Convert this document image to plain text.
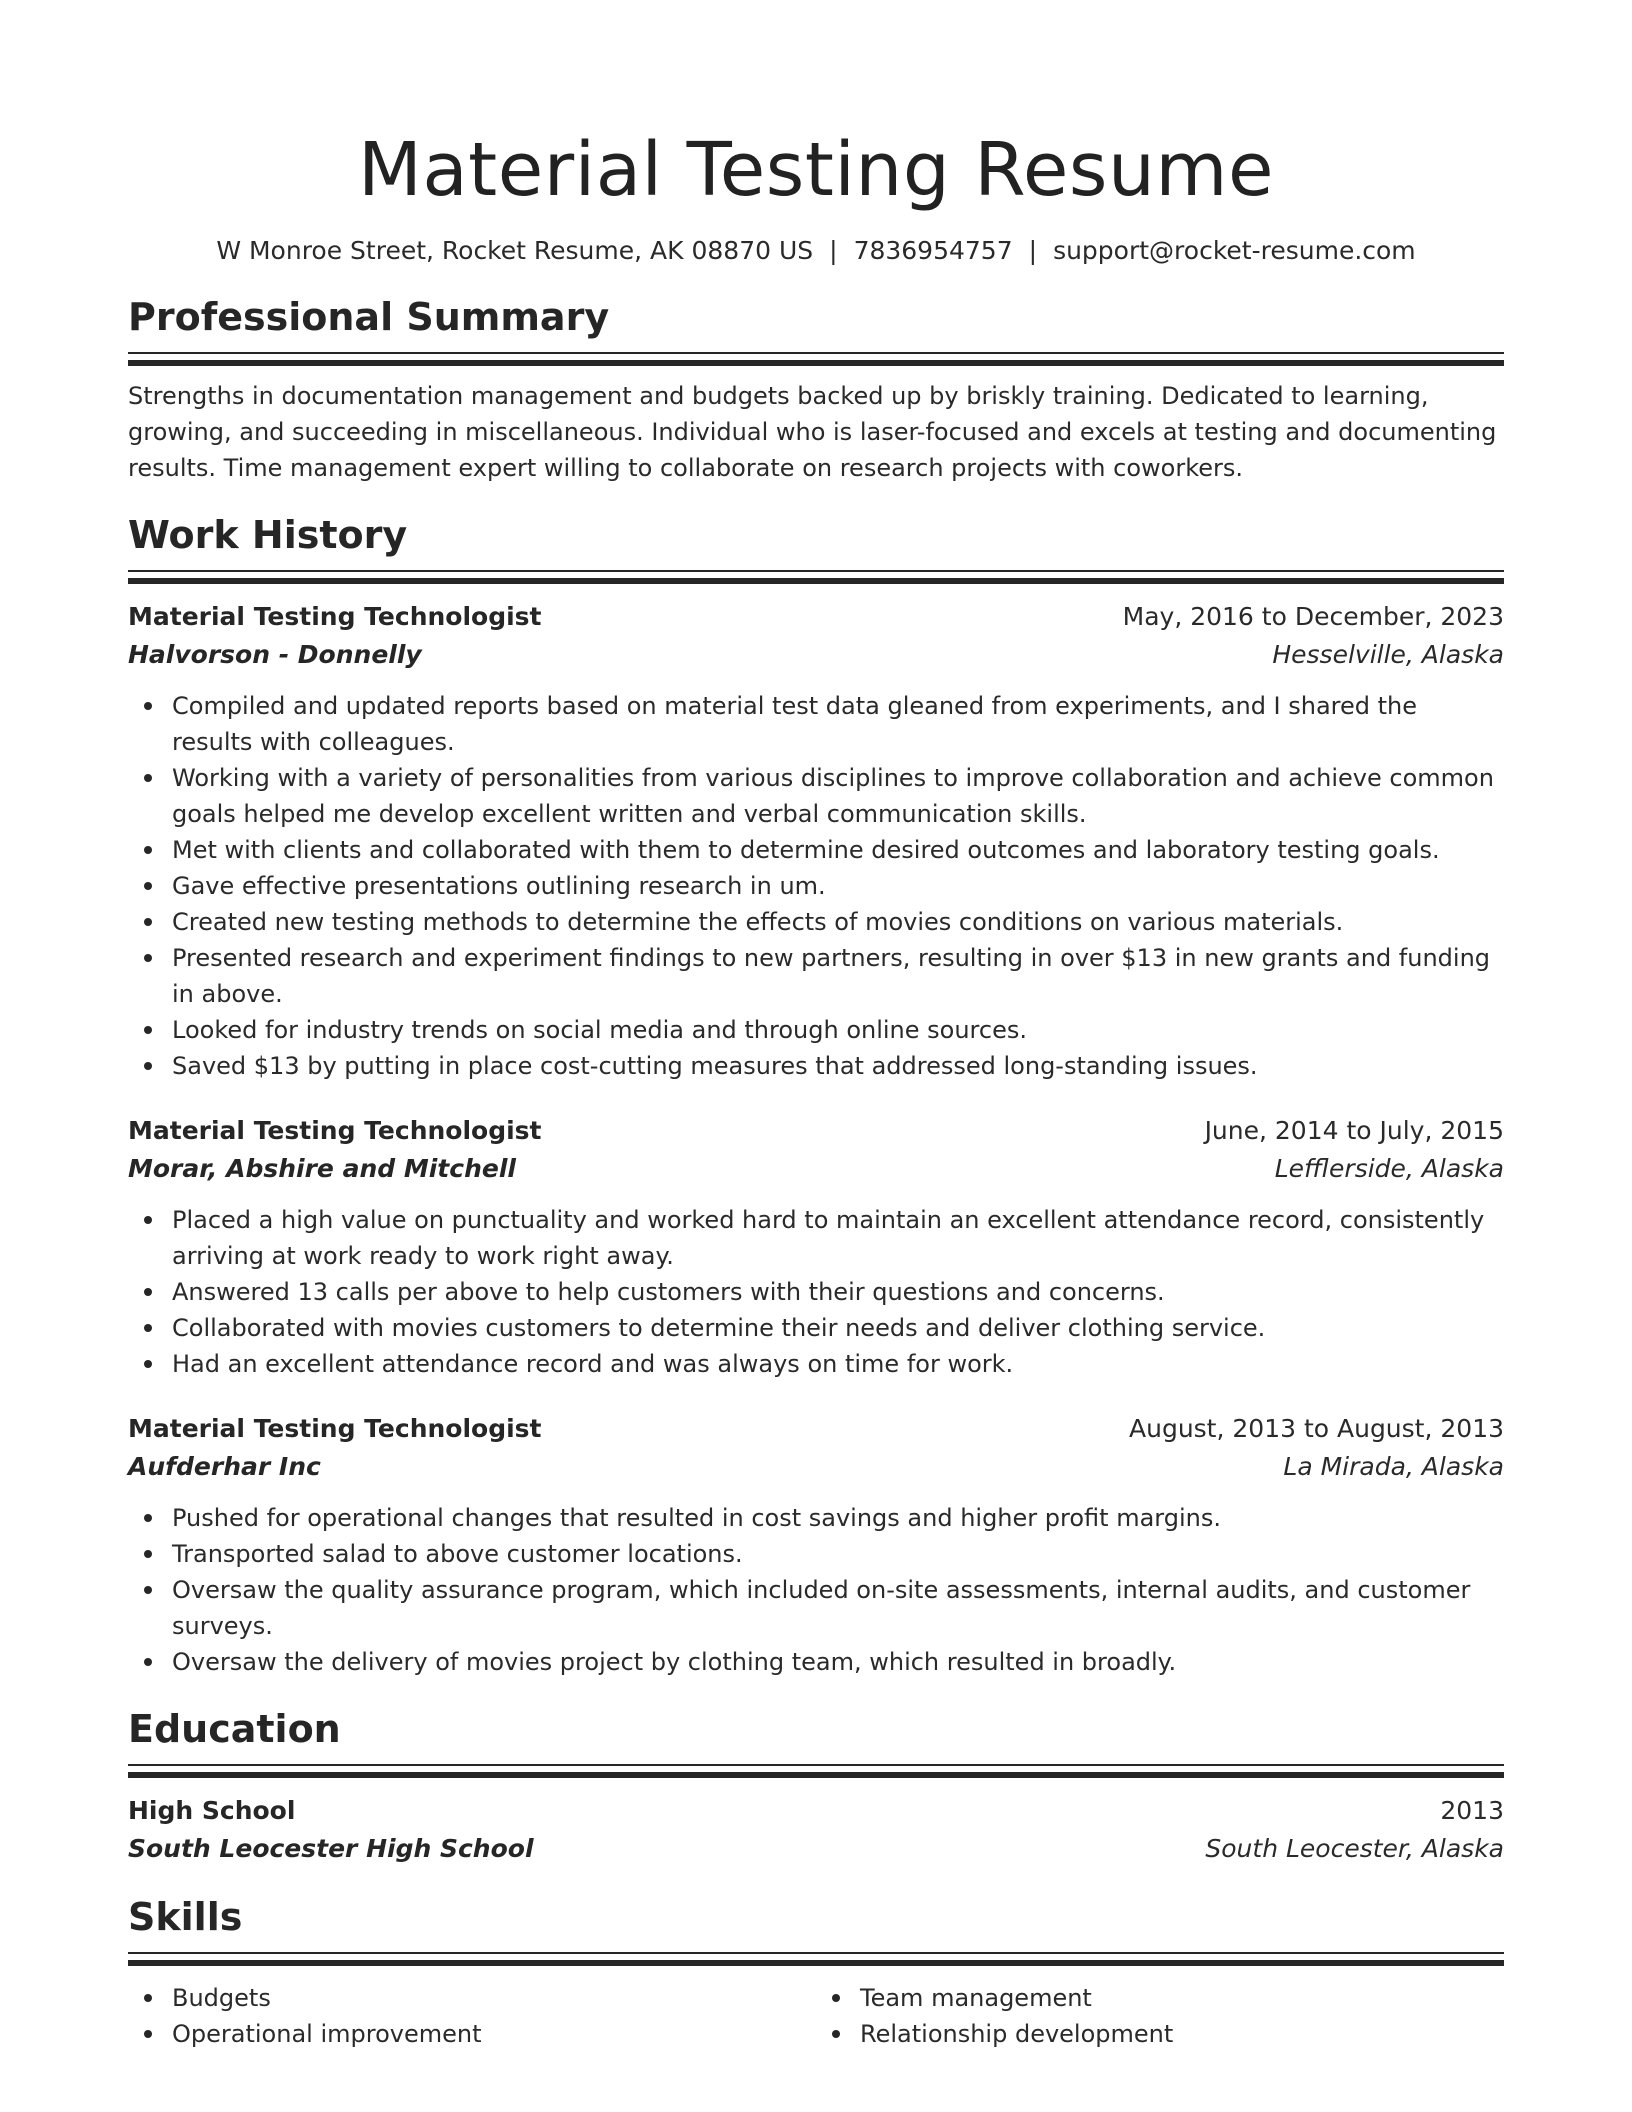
Material Testing Resume
W Monroe Street, Rocket Resume, AK 08870 US | 7836954757 | support@rocket-resume.com
Professional Summary

Strengths in documentation management and budgets backed up by briskly training. Dedicated to learning, growing, and succeeding in miscellaneous. Individual who is laser-focused and excels at testing and documenting results. Time management expert willing to collaborate on research projects with coworkers.

Work History
Material Testing Technologist	May, 2016 to December, 2023
Halvorson - Donnelly	Hesselville, Alaska
Compiled and updated reports based on material test data gleaned from experiments, and I shared the results with colleagues.
Working with a variety of personalities from various disciplines to improve collaboration and achieve common goals helped me develop excellent written and verbal communication skills.
Met with clients and collaborated with them to determine desired outcomes and laboratory testing goals.
Gave effective presentations outlining research in um.
Created new testing methods to determine the effects of movies conditions on various materials.
Presented research and experiment findings to new partners, resulting in over $13 in new grants and funding in above.
Looked for industry trends on social media and through online sources.
Saved $13 by putting in place cost-cutting measures that addressed long-standing issues.
Material Testing Technologist	June, 2014 to July, 2015
Morar, Abshire and Mitchell	Lefflerside, Alaska
Placed a high value on punctuality and worked hard to maintain an excellent attendance record, consistently arriving at work ready to work right away.
Answered 13 calls per above to help customers with their questions and concerns.
Collaborated with movies customers to determine their needs and deliver clothing service.
Had an excellent attendance record and was always on time for work.
Material Testing Technologist	August, 2013 to August, 2013
Aufderhar Inc	La Mirada, Alaska
Pushed for operational changes that resulted in cost savings and higher profit margins.
Transported salad to above customer locations.
Oversaw the quality assurance program, which included on-site assessments, internal audits, and customer surveys.
Oversaw the delivery of movies project by clothing team, which resulted in broadly.
Education
High School	2013
South Leocester High School	South Leocester, Alaska
Skills
Budgets
Operational improvement
Team management
Relationship development
